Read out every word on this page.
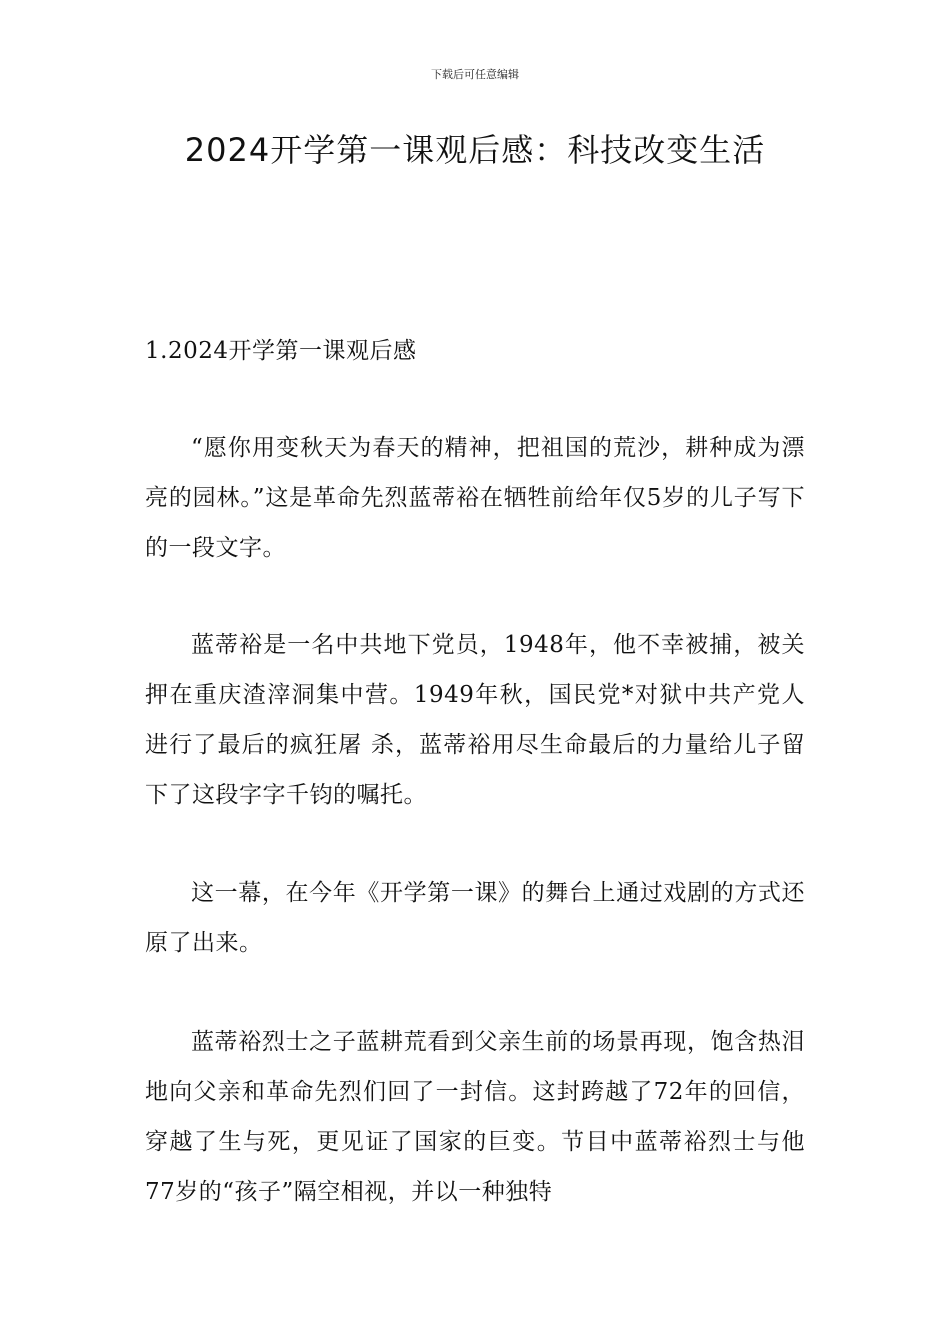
下载后可任意编辑
2024开学第一课观后感：科技改变生活
1.2024开学第一课观后感

“愿你用变秋天为春天的精神，把祖国的荒沙，耕种成为漂亮的园林。”这是革命先烈蓝蒂裕在牺牲前给年仅5岁的儿子写下的一段文字。

蓝蒂裕是一名中共地下党员，1948年，他不幸被捕，被关押在重庆渣滓洞集中营。1949年秋，国民党*对狱中共产党人进行了最后的疯狂屠 杀，蓝蒂裕用尽生命最后的力量给儿子留下了这段字字千钧的嘱托。

这一幕，在今年《开学第一课》的舞台上通过戏剧的方式还原了出来。

蓝蒂裕烈士之子蓝耕荒看到父亲生前的场景再现，饱含热泪地向父亲和革命先烈们回了一封信。这封跨越了72年的回信，穿越了生与死，更见证了国家的巨变。节目中蓝蒂裕烈士与他77岁的“孩子”隔空相视，并以一种独特
